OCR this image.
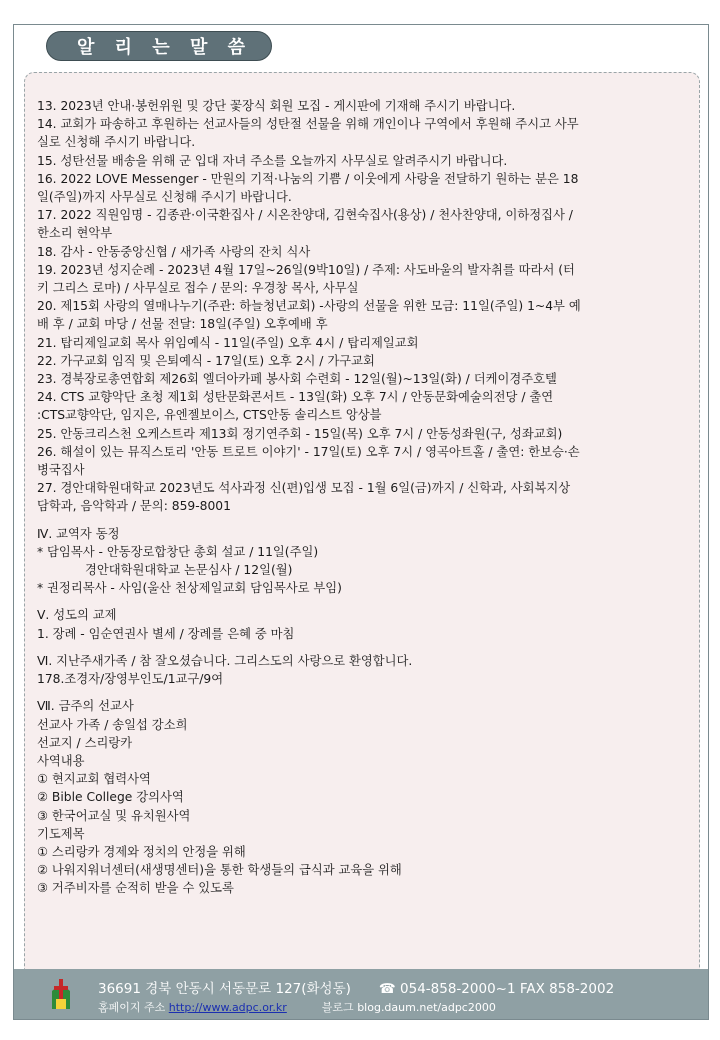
알 리 는 말 씀
13. 2023년 안내·봉헌위원 및 강단 꽃장식 회원 모집 - 게시판에 기재해 주시기 바랍니다.
14. 교회가 파송하고 후원하는 선교사들의 성탄절 선물을 위해 개인이나 구역에서 후원해 주시고 사무
실로 신청해 주시기 바랍니다.
15. 성탄선물 배송을 위해 군 입대 자녀 주소를 오늘까지 사무실로 알려주시기 바랍니다.
16. 2022 LOVE Messenger - 만원의 기적·나눔의 기쁨 / 이웃에게 사랑을 전달하기 원하는 분은 18
일(주일)까지 사무실로 신청해 주시기 바랍니다.
17. 2022 직원임명 - 김종관·이국환집사 / 시온찬양대, 김현숙집사(용상) / 천사찬양대, 이하정집사 /
한소리 현악부
18. 감사 - 안동중앙신협 / 새가족 사랑의 잔치 식사
19. 2023년 성지순례 - 2023년 4월 17일~26일(9박10일) / 주제: 사도바울의 발자취를 따라서 (터
키 그리스 로마) / 사무실로 접수 / 문의: 우경창 목사, 사무실
20. 제15회 사랑의 열매나누기(주관: 하늘청년교회) -사랑의 선물을 위한 모금: 11일(주일) 1~4부 예
배 후 / 교회 마당 / 선물 전달: 18일(주일) 오후예배 후
21. 탑리제일교회 목사 위임예식 - 11일(주일) 오후 4시 / 탑리제일교회
22. 가구교회 임직 및 은퇴예식 - 17일(토) 오후 2시 / 가구교회
23. 경북장로총연합회 제26회 엘더아카페 봉사회 수련회 - 12일(월)~13일(화) / 더케이경주호텔
24. CTS 교향악단 초청 제1회 성탄문화콘서트 - 13일(화) 오후 7시 / 안동문화예술의전당 / 출연
:CTS교향악단, 임지은, 유엔젤보이스, CTS안동 솔리스트 앙상블
25. 안동크리스천 오케스트라 제13회 정기연주회 - 15일(목) 오후 7시 / 안동성좌원(구, 성좌교회)
26. 해설이 있는 뮤직스토리 '안동 트로트 이야기' - 17일(토) 오후 7시 / 영곡아트홀 / 출연: 한보승·손
병국집사
27. 경안대학원대학교 2023년도 석사과정 신(편)입생 모집 - 1월 6일(금)까지 / 신학과, 사회복지상
담학과, 음악학과 / 문의: 859-8001
Ⅳ. 교역자 동정
* 담임목사 - 안동장로합창단 총회 설교 / 11일(주일)
경안대학원대학교 논문심사 / 12일(월)
* 권정리목사 - 사임(울산 천상제일교회 담임목사로 부임)
Ⅴ. 성도의 교제
1. 장례 - 임순연권사 별세 / 장례를 은혜 중 마침
Ⅵ. 지난주새가족 / 참 잘오셨습니다. 그리스도의 사랑으로 환영합니다.
178.조경자/장영부인도/1교구/9여
Ⅶ. 금주의 선교사
선교사 가족 / 송일섭 강소희
선교지 / 스리랑카
사역내용
① 현지교회 협력사역
② Bible College 강의사역
③ 한국어교실 및 유치원사역
기도제목
① 스리랑카 경제와 정치의 안정을 위해
② 나워지워너센터(새생명센터)을 통한 학생들의 급식과 교육을 위해
③ 거주비자를 순적히 받을 수 있도록
36691 경북 안동시 서동문로 127(화성동) ☎ 054-858-2000~1 FAX 858-2002
홈페이지 주소 http://www.adpc.or.kr	블로그 blog.daum.net/adpc2000
